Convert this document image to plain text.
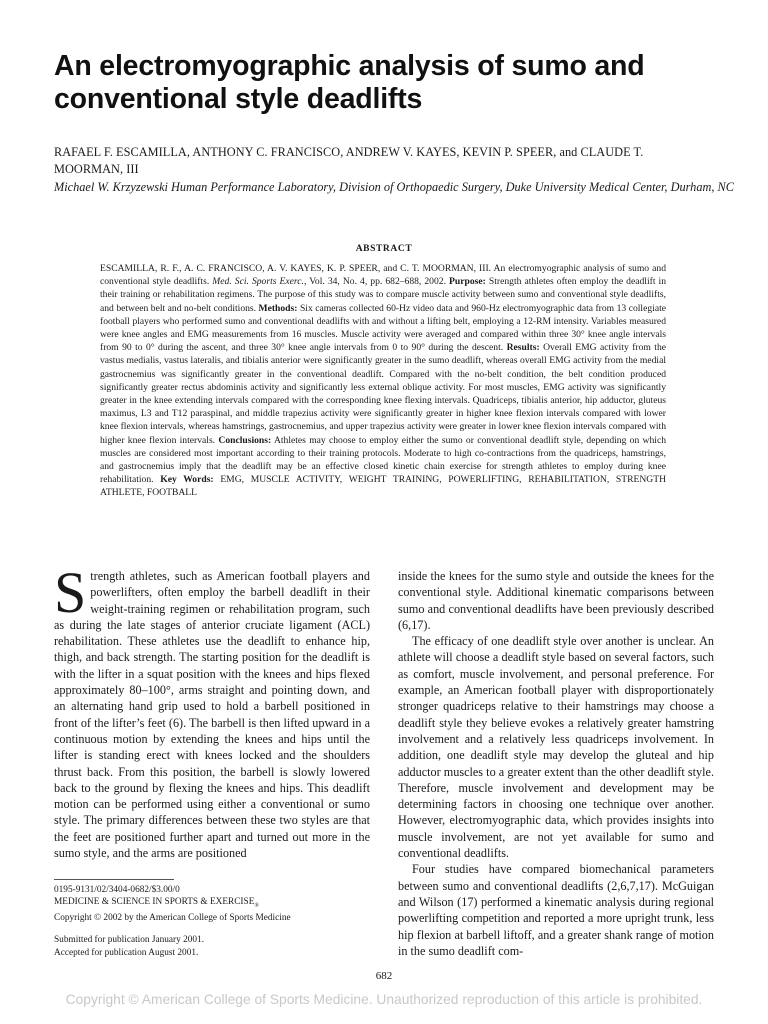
An electromyographic analysis of sumo and conventional style deadlifts
RAFAEL F. ESCAMILLA, ANTHONY C. FRANCISCO, ANDREW V. KAYES, KEVIN P. SPEER, and CLAUDE T. MOORMAN, III
Michael W. Krzyzewski Human Performance Laboratory, Division of Orthopaedic Surgery, Duke University Medical Center, Durham, NC
ABSTRACT
ESCAMILLA, R. F., A. C. FRANCISCO, A. V. KAYES, K. P. SPEER, and C. T. MOORMAN, III. An electromyographic analysis of sumo and conventional style deadlifts. Med. Sci. Sports Exerc., Vol. 34, No. 4, pp. 682–688, 2002. Purpose: Strength athletes often employ the deadlift in their training or rehabilitation regimens. The purpose of this study was to compare muscle activity between sumo and conventional style deadlifts, and between belt and no-belt conditions. Methods: Six cameras collected 60-Hz video data and 960-Hz electromyographic data from 13 collegiate football players who performed sumo and conventional deadlifts with and without a lifting belt, employing a 12-RM intensity. Variables measured were knee angles and EMG measurements from 16 muscles. Muscle activity were averaged and compared within three 30° knee angle intervals from 90 to 0° during the ascent, and three 30° knee angle intervals from 0 to 90° during the descent. Results: Overall EMG activity from the vastus medialis, vastus lateralis, and tibialis anterior were significantly greater in the sumo deadlift, whereas overall EMG activity from the medial gastrocnemius was significantly greater in the conventional deadlift. Compared with the no-belt condition, the belt condition produced significantly greater rectus abdominis activity and significantly less external oblique activity. For most muscles, EMG activity was significantly greater in the knee extending intervals compared with the corresponding knee flexing intervals. Quadriceps, tibialis anterior, hip adductor, gluteus maximus, L3 and T12 paraspinal, and middle trapezius activity were significantly greater in higher knee flexion intervals compared with lower knee flexion intervals, whereas hamstrings, gastrocnemius, and upper trapezius activity were greater in lower knee flexion intervals compared with higher knee flexion intervals. Conclusions: Athletes may choose to employ either the sumo or conventional deadlift style, depending on which muscles are considered most important according to their training protocols. Moderate to high co-contractions from the quadriceps, hamstrings, and gastrocnemius imply that the deadlift may be an effective closed kinetic chain exercise for strength athletes to employ during knee rehabilitation. Key Words: EMG, MUSCLE ACTIVITY, WEIGHT TRAINING, POWERLIFTING, REHABILITATION, STRENGTH ATHLETE, FOOTBALL

Strength athletes, such as American football players and powerlifters, often employ the barbell deadlift in their weight-training regimen or rehabilitation program, such as during the late stages of anterior cruciate ligament (ACL) rehabilitation. These athletes use the deadlift to enhance hip, thigh, and back strength. The starting position for the deadlift is with the lifter in a squat position with the knees and hips flexed approximately 80–100°, arms straight and pointing down, and an alternating hand grip used to hold a barbell positioned in front of the lifter’s feet (6). The barbell is then lifted upward in a continuous motion by extending the knees and hips until the lifter is standing erect with knees locked and the shoulders thrust back. From this position, the barbell is slowly lowered back to the ground by flexing the knees and hips. This deadlift motion can be performed using either a conventional or sumo style. The primary differences between these two styles are that the feet are positioned further apart and turned out more in the sumo style, and the arms are positioned

inside the knees for the sumo style and outside the knees for the conventional style. Additional kinematic comparisons between sumo and conventional deadlifts have been previously described (6,17).

The efficacy of one deadlift style over another is unclear. An athlete will choose a deadlift style based on several factors, such as comfort, muscle involvement, and personal preference. For example, an American football player with disproportionately stronger quadriceps relative to their hamstrings may choose a deadlift style they believe evokes a relatively greater hamstring involvement and a relatively less quadriceps involvement. In addition, one deadlift style may develop the gluteal and hip adductor muscles to a greater extent than the other deadlift style. Therefore, muscle involvement and development may be determining factors in choosing one technique over another. However, electromyographic data, which provides insights into muscle involvement, are not yet available for sumo and conventional deadlifts.

Four studies have compared biomechanical parameters between sumo and conventional deadlifts (2,6,7,17). McGuigan and Wilson (17) performed a kinematic analysis during regional powerlifting competition and reported a more upright trunk, less hip flexion at barbell liftoff, and a greater shank range of motion in the sumo deadlift com-

0195-9131/02/3404-0682/$3.00/0
MEDICINE & SCIENCE IN SPORTS & $EXERCISE_®$
Copyright © 2002 by the American College of Sports Medicine
Submitted for publication January 2001.
Accepted for publication August 2001.
682
Copyright © American College of Sports Medicine. Unauthorized reproduction of this article is prohibited.
